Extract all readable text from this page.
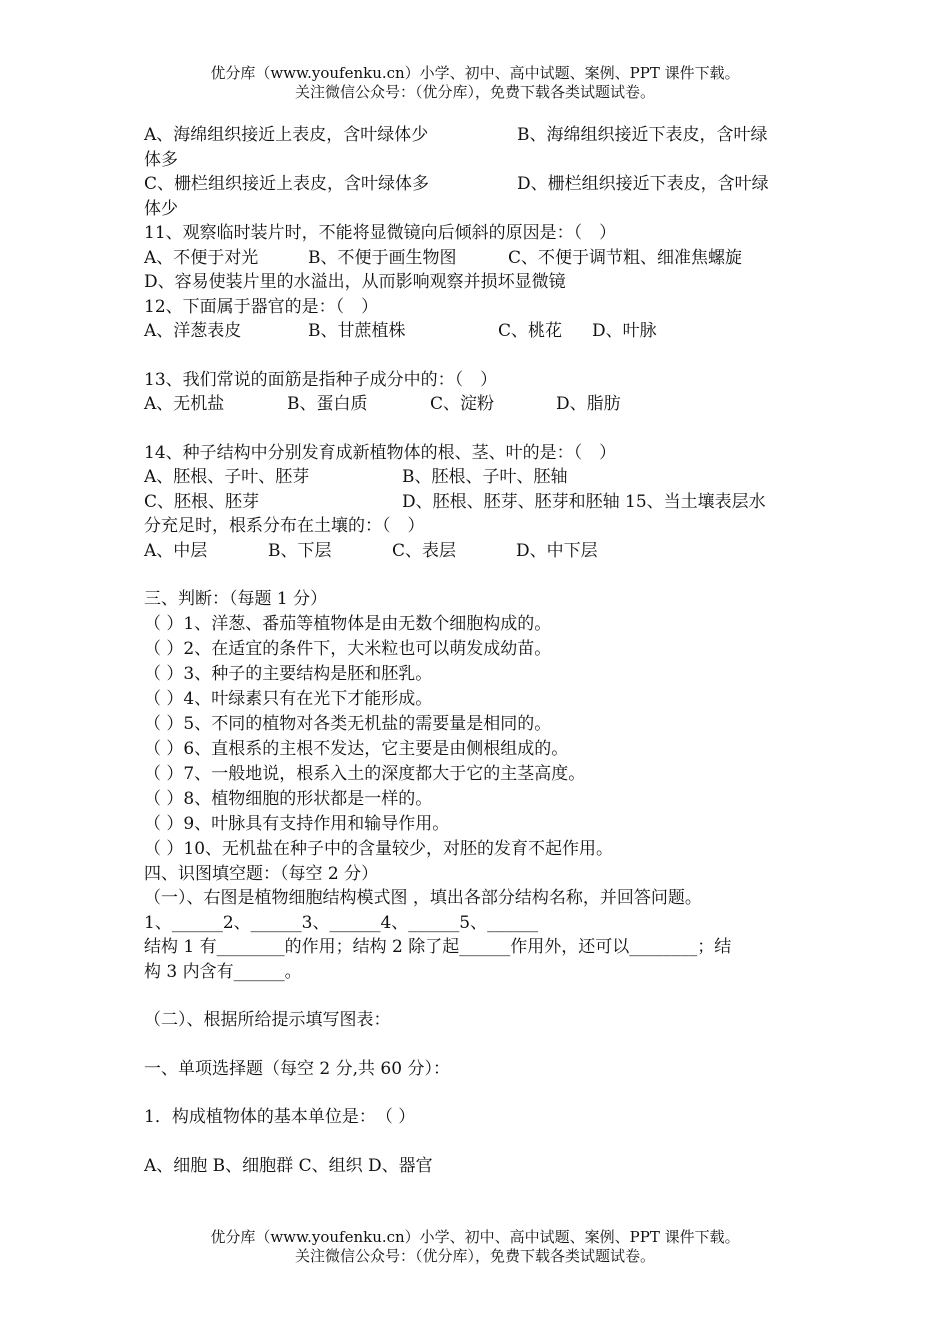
优分库（www.youfenku.cn）小学、初中、高中试题、案例、PPT 课件下载。
关注微信公众号：（优分库），免费下载各类试题试卷。
A、海绵组织接近上表皮，含叶绿体少	B、海绵组织接近下表皮，含叶绿
体多
C、栅栏组织接近上表皮，含叶绿体多	D、栅栏组织接近下表皮，含叶绿
体少
11、观察临时装片时，不能将显微镜向后倾斜的原因是：（　）
A、不便于对光	B、不便于画生物图	C、不便于调节粗、细准焦螺旋
D、容易使装片里的水溢出，从而影响观察并损坏显微镜
12、下面属于器官的是：（　）
A、洋葱表皮	B、甘蔗植株	C、桃花	D、叶脉
13、我们常说的面筋是指种子成分中的：（　）
A、无机盐	B、蛋白质	C、淀粉	D、脂肪
14、种子结构中分别发育成新植物体的根、茎、叶的是：（　）
A、胚根、子叶、胚芽	B、胚根、子叶、胚轴
C、胚根、胚芽	D、胚根、胚芽、胚芽和胚轴 15、当土壤表层水
分充足时，根系分布在土壤的：（　）
A、中层	B、下层	C、表层	D、中下层
三、判断：（每题 1 分）
（ ）1、洋葱、番茄等植物体是由无数个细胞构成的。
（ ）2、在适宜的条件下，大米粒也可以萌发成幼苗。
（ ）3、种子的主要结构是胚和胚乳。
（ ）4、叶绿素只有在光下才能形成。
（ ）5、不同的植物对各类无机盐的需要量是相同的。
（ ）6、直根系的主根不发达，它主要是由侧根组成的。
（ ）7、一般地说，根系入土的深度都大于它的主茎高度。
（ ）8、植物细胞的形状都是一样的。
（ ）9、叶脉具有支持作用和输导作用。
（ ）10、无机盐在种子中的含量较少，对胚的发育不起作用。
四、识图填空题：（每空 2 分）
（一）、右图是植物细胞结构模式图 ，填出各部分结构名称，并回答问题。
1、______2、______3、______4、______5、______
结构 1 有________的作用；结构 2 除了起______作用外，还可以________；结
构 3 内含有______。
（二）、根据所给提示填写图表：
一、单项选择题（每空 2 分,共 60 分）：
1．构成植物体的基本单位是：　（ ）
A、细胞 B、细胞群 C、组织 D、器官
优分库（www.youfenku.cn）小学、初中、高中试题、案例、PPT 课件下载。
关注微信公众号：（优分库），免费下载各类试题试卷。
